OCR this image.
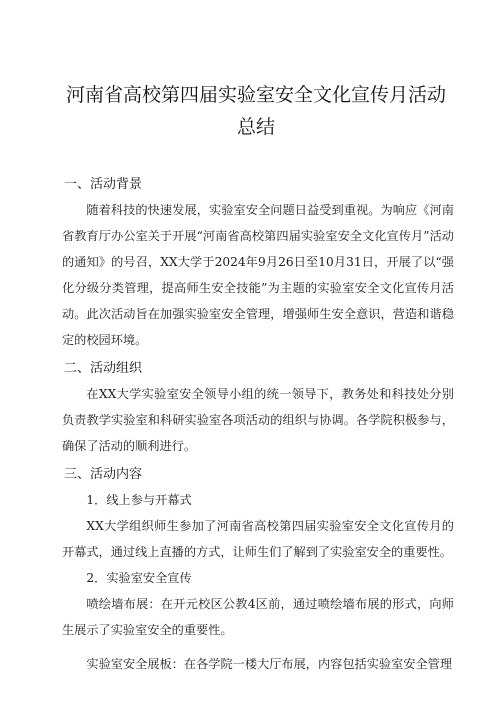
河南省高校第四届实验室安全文化宣传月活动总结
一、活动背景

随着科技的快速发展，实验室安全问题日益受到重视。为响应《河南省教育厅办公室关于开展“河南省高校第四届实验室安全文化宣传月”活动的通知》的号召，XX大学于2024年9月26日至10月31日，开展了以“强化分级分类管理，提高师生安全技能”为主题的实验室安全文化宣传月活动。此次活动旨在加强实验室安全管理，增强师生安全意识，营造和谐稳定的校园环境。

二、活动组织

在XX大学实验室安全领导小组的统一领导下，教务处和科技处分别负责教学实验室和科研实验室各项活动的组织与协调。各学院积极参与，确保了活动的顺利进行。

三、活动内容
1．线上参与开幕式

XX大学组织师生参加了河南省高校第四届实验室安全文化宣传月的开幕式，通过线上直播的方式，让师生们了解到了实验室安全的重要性。

2．实验室安全宣传

喷绘墙布展：在开元校区公教4区前，通过喷绘墙布展的形式，向师生展示了实验室安全的重要性。

实验室安全展板：在各学院一楼大厅布展，内容包括实验室安全管理
